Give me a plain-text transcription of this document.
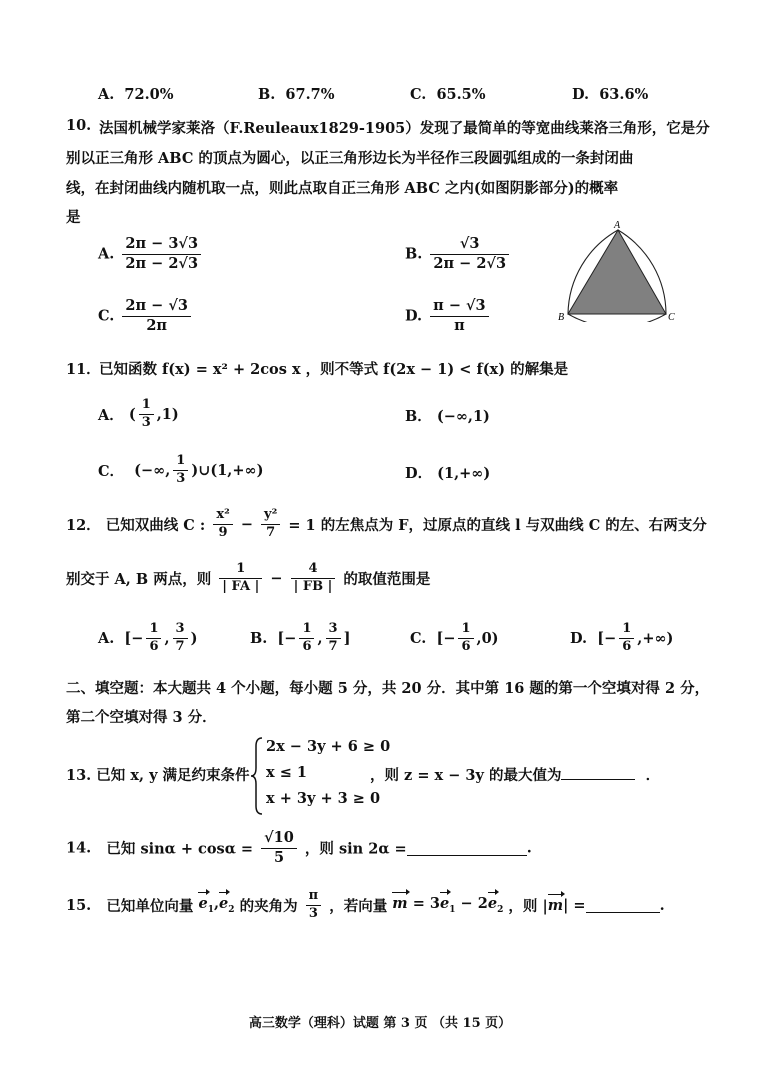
A. 72.0%	B. 67.7%	C. 65.5%	D. 63.6%
10. 法国机械学家莱洛（F.Reuleaux1829-1905）发现了最简单的等宽曲线莱洛三角形，它是分
别以正三角形 ABC 的顶点为圆心，以正三角形边长为半径作三段圆弧组成的一条封闭曲
线，在封闭曲线内随机取一点，则此点取自正三角形 ABC 之内(如图阴影部分)的概率
是
A. $\frac{2\pi - 3√3}{2\pi - 2√3}$	B. $\frac{√3}{2\pi - 2√3}$
C. $\frac{2\pi - √3}{2\pi}$	D. $\frac{\pi - √3}{\pi}$
A
B	C
11．
已知函数 f(x) = x² + 2cos x ，则不等式 f(2x − 1) < f(x) 的解集是
A． ( $\frac{1}{3} ,1$)	B． (−∞,1)
C． (−∞, $\frac{1}{3}$ )∪(1,+∞)	D． (1,+∞)
12． 已知双曲线 C : $\frac{\text{x²}}{9} - \frac{\text{y²}}{7} = 1$ 的左焦点为 F，过原点的直线 l 与双曲线 C 的左、右两支分
别交于 A, B 两点，则 $\frac{1}{| FA |} - \frac{4}{| FB |}$ 的取值范围是
A. [− $\frac{1}{6}$ , $\frac{3}{7}$ )	B. [− $\frac{1}{6}$ , $\frac{3}{7}$ ]	C. [− $\frac{1}{6} ,0$)	D. [− $\frac{1}{6}$ ,+∞)
二、填空题：本大题共 4 个小题，每小题 5 分，共 20 分．其中第 16 题的第一个空填对得 2 分，
第二个空填对得 3 分．
13. 已知 x, y 满足约束条件
2x − 3y + 6 ≥ 0
x ≤ 1
x + 3y + 3 ≥ 0
，则 z = x − 3y 的最大值为	．
14. 已知 $\sin\alpha + \cos\alpha = \frac{√10}{5}$ ，则 sin 2α =	.
15. 已知单位向量 $e_1,e_2$ 的夹角为 $\frac{\pi}{3}$ ，若向量 $m = 3e_1 - 2e_2$ ，则 |m| =	.
高三数学（理科）试题 第 3 页 （共 15 页）
